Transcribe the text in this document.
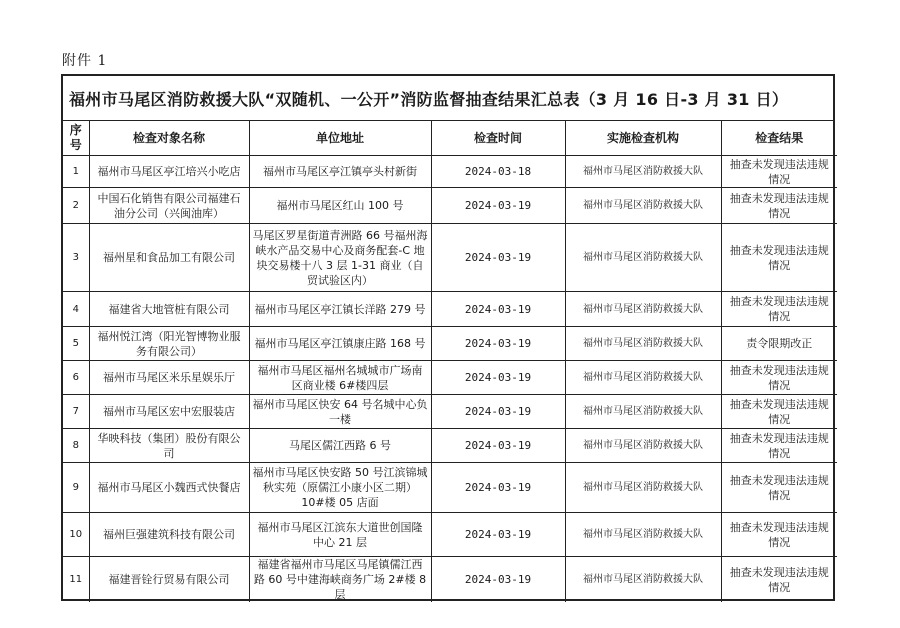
附件 1
福州市马尾区消防救援大队“双随机、一公开”消防监督抽查结果汇总表（3 月 16 日-3 月 31 日）
序号	检查对象名称	单位地址	检查时间	实施检查机构	检查结果
1	福州市马尾区亭江培兴小吃店	福州市马尾区亭江镇亭头村新街	2024-03-18	福州市马尾区消防救援大队	抽查未发现违法违规情况
2	中国石化销售有限公司福建石油分公司（兴闽油库）	福州市马尾区红山 100 号	2024-03-19	福州市马尾区消防救援大队	抽查未发现违法违规情况
3	福州星和食品加工有限公司	马尾区罗星街道青洲路 66 号福州海峡水产品交易中心及商务配套-C 地块交易楼十八 3 层 1-31 商业（自贸试验区内）	2024-03-19	福州市马尾区消防救援大队	抽查未发现违法违规情况
4	福建省大地管桩有限公司	福州市马尾区亭江镇长洋路 279 号	2024-03-19	福州市马尾区消防救援大队	抽查未发现违法违规情况
5	福州悦江湾（阳光智博物业服务有限公司）	福州市马尾区亭江镇康庄路 168 号	2024-03-19	福州市马尾区消防救援大队	责令限期改正
6	福州市马尾区米乐星娱乐厅	福州市马尾区福州名城城市广场南区商业楼 6#楼四层	2024-03-19	福州市马尾区消防救援大队	抽查未发现违法违规情况
7	福州市马尾区宏中宏服装店	福州市马尾区快安 64 号名城中心负一楼	2024-03-19	福州市马尾区消防救援大队	抽查未发现违法违规情况
8	华映科技（集团）股份有限公司	马尾区儒江西路 6 号	2024-03-19	福州市马尾区消防救援大队	抽查未发现违法违规情况
9	福州市马尾区小魏西式快餐店	福州市马尾区快安路 50 号江滨锦城秋实苑（原儒江小康小区二期）10#楼 05 店面	2024-03-19	福州市马尾区消防救援大队	抽查未发现违法违规情况
10	福州巨强建筑科技有限公司	福州市马尾区江滨东大道世创国隆中心 21 层	2024-03-19	福州市马尾区消防救援大队	抽查未发现违法违规情况
11	福建晋铨行贸易有限公司	福建省福州市马尾区马尾镇儒江西路 60 号中建海峡商务广场 2#楼 8 层	2024-03-19	福州市马尾区消防救援大队	抽查未发现违法违规情况
